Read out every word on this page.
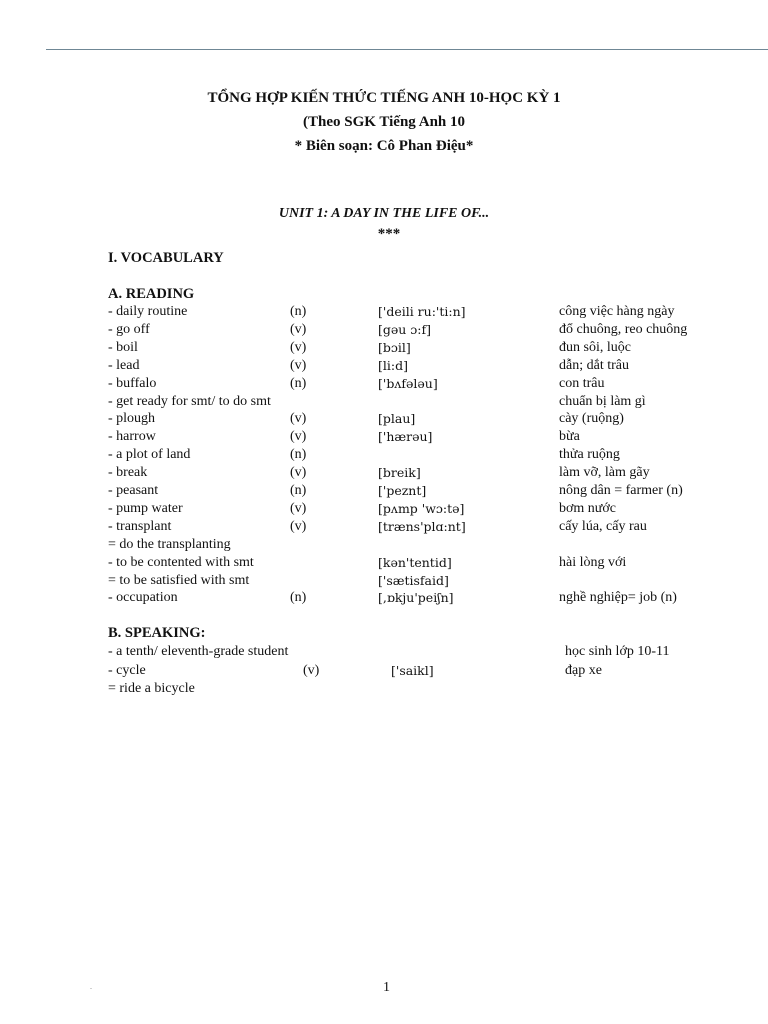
TỔNG HỢP KIẾN THỨC TIẾNG ANH 10-HỌC KỲ 1
(Theo SGK Tiếng Anh 10
* Biên soạn: Cô Phan Điệu*
UNIT 1: A DAY IN THE LIFE OF...
***
I. VOCABULARY
A. READING
- daily routine	(n)	['deili ru:'ti:n]	công việc hàng ngày
- go off	(v)	[gəu ɔ:f]	đổ chuông, reo chuông
- boil	(v)	[bɔil]	đun sôi, luộc
- lead	(v)	[li:d]	dẫn; dắt trâu
- buffalo	(n)	['bʌfələu]	con trâu
- get ready for smt/ to do smt	chuẩn bị làm gì
- plough	(v)	[plau]	cày (ruộng)
- harrow	(v)	['hærəu]	bừa
- a plot of land	(n)	thửa ruộng
- break	(v)	[breik]	làm vỡ, làm gãy
- peasant	(n)	['peznt]	nông dân = farmer (n)
- pump water	(v)	[pʌmp 'wɔ:tə]	bơm nước
- transplant	(v)	[træns'plɑ:nt]	cấy lúa, cấy rau
= do the transplanting
- to be contented with smt	[kən'tentid]	hài lòng với
= to be satisfied with smt	['sætisfaid]
- occupation	(n)	[,ɒkju'peiʃn]	nghề nghiệp= job (n)
B. SPEAKING:
- a tenth/ eleventh-grade student	học sinh lớp 10-11
- cycle	(v)	['saikl]	đạp xe
= ride a bicycle
.	1
